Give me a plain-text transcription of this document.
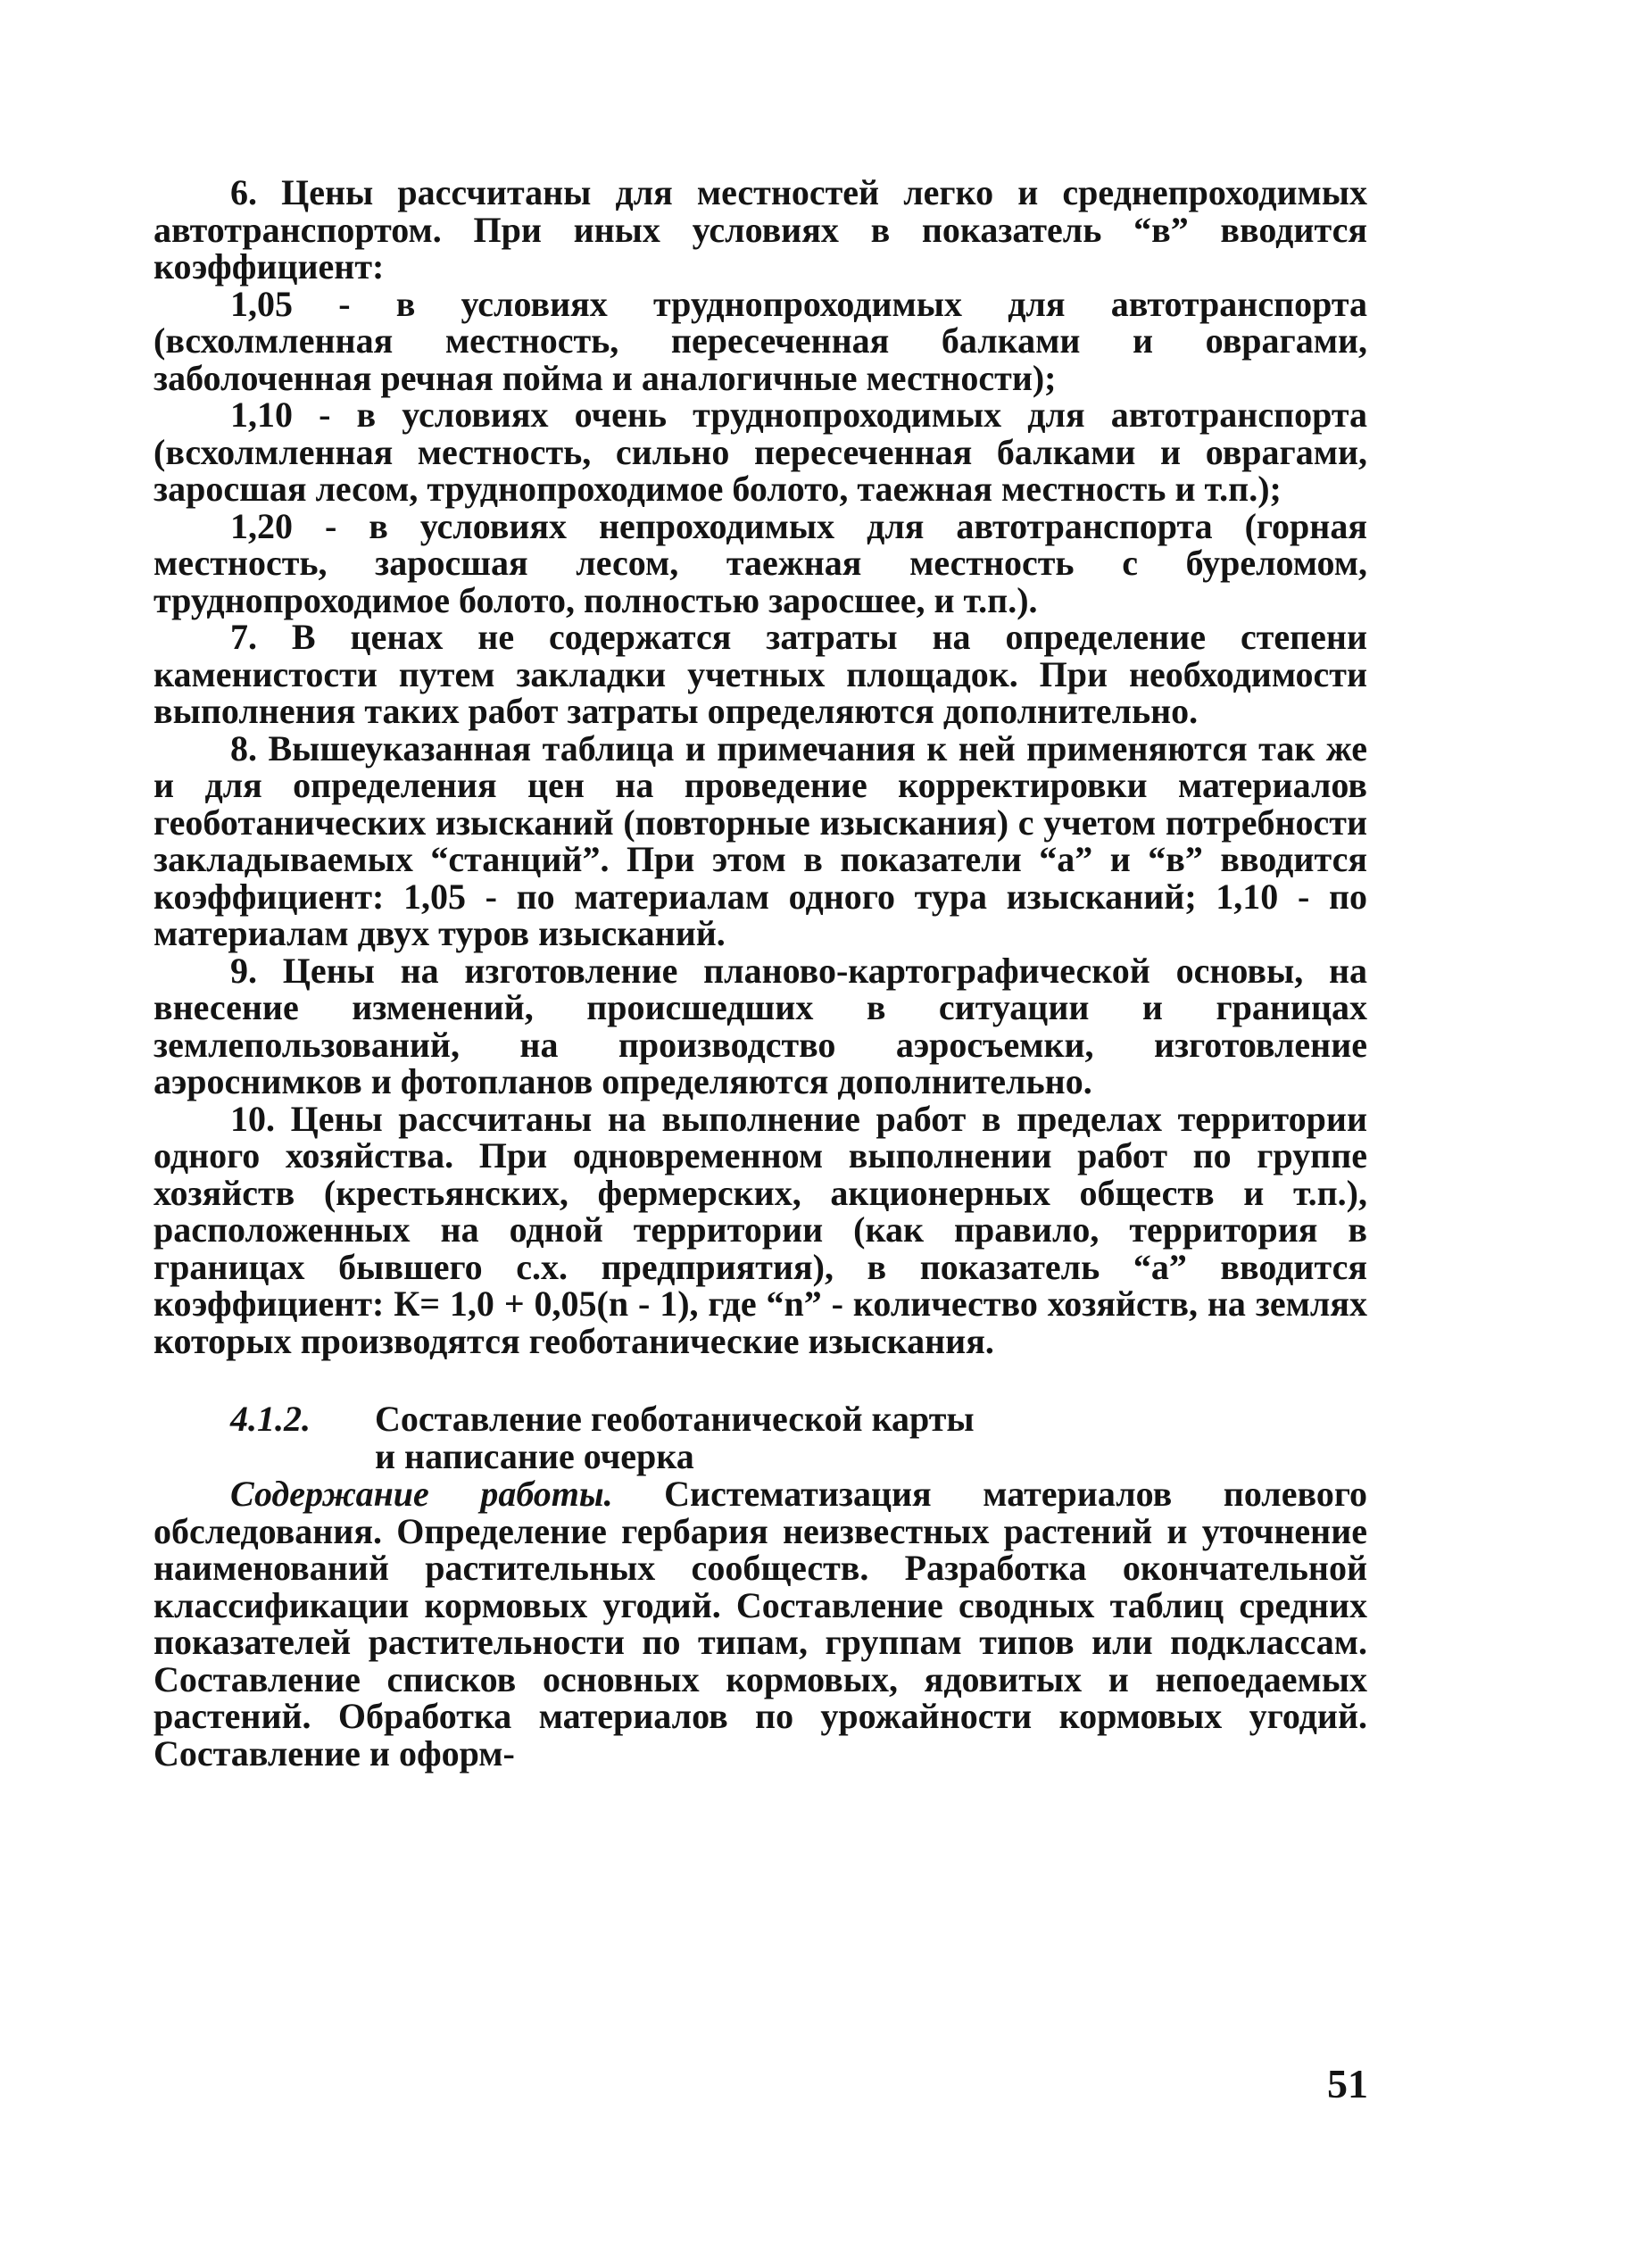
6. Цены рассчитаны для местностей легко и среднепроходимых автотранспортом. При иных условиях в показатель “в” вводится коэффициент:

1,05 - в условиях труднопроходимых для автотранспорта (всхолмленная местность, пересеченная балками и оврагами, заболоченная речная пойма и аналогичные местности);

1,10 - в условиях очень труднопроходимых для автотранспорта (всхолмленная местность, сильно пересеченная балками и оврагами, заросшая лесом, труднопроходимое болото, таежная местность и т.п.);

1,20 - в условиях непроходимых для автотранспорта (горная местность, заросшая лесом, таежная местность с буреломом, труднопроходимое болото, полностью заросшее, и т.п.).

7. В ценах не содержатся затраты на определение степени каменистости путем закладки учетных площадок. При необходимости выполнения таких работ затраты определяются дополнительно.

8. Вышеуказанная таблица и примечания к ней применяются так же и для определения цен на проведение корректировки материалов геоботанических изысканий (повторные изыскания) с учетом потребности закладываемых “станций”. При этом в показатели “а” и “в” вводится коэффициент: 1,05 - по материалам одного тура изысканий; 1,10 - по материалам двух туров изысканий.

9. Цены на изготовление планово-картографической основы, на внесение изменений, происшедших в ситуации и границах землепользований, на производство аэросъемки, изготовление аэроснимков и фотопланов определяются дополнительно.

10. Цены рассчитаны на выполнение работ в пределах территории одного хозяйства. При одновременном выполнении работ по группе хозяйств (крестьянских, фермерских, акционерных обществ и т.п.), расположенных на одной территории (как правило, территория в границах бывшего с.х. предприятия), в показатель “а” вводится коэффициент: К= 1,0 + 0,05(n - 1), где “n” - количество хозяйств, на землях которых производятся геоботанические изыскания.

4.1.2. Составление геоботанической карты
и написание очерка

Содержание работы. Систематизация материалов полевого обследования. Определение гербария неизвестных растений и уточнение наименований растительных сообществ. Разработка окончательной классификации кормовых угодий. Составление сводных таблиц средних показателей растительности по типам, группам типов или подклассам. Составление списков основных кормовых, ядовитых и непоедаемых растений. Обработка материалов по урожайности кормовых угодий. Составление и оформ-

51
